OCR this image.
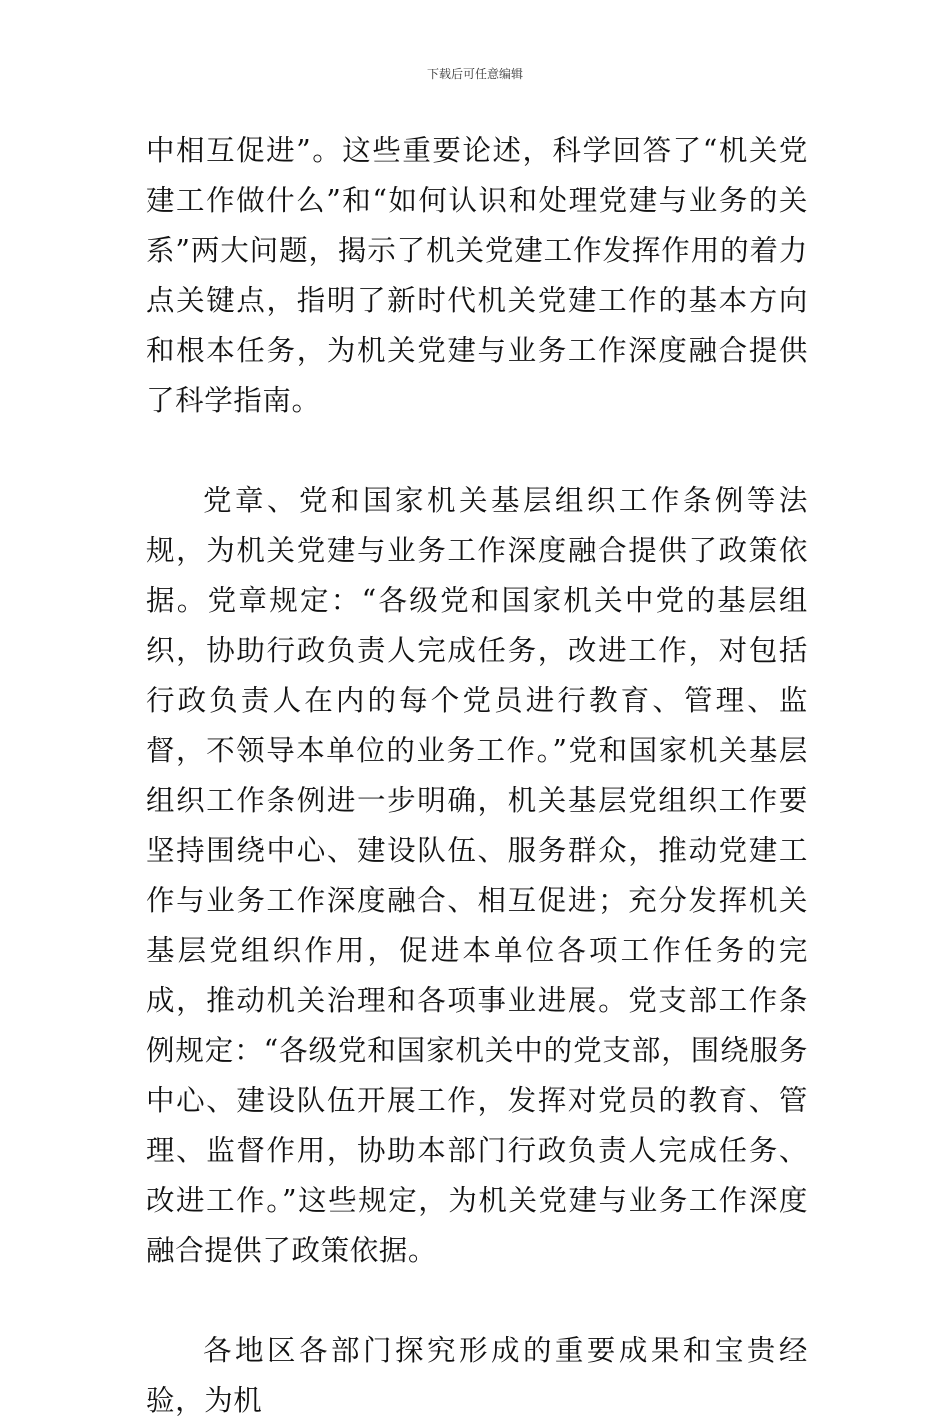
下载后可任意编辑

中相互促进”。这些重要论述，科学回答了“机关党建工作做什么”和“如何认识和处理党建与业务的关系”两大问题，揭示了机关党建工作发挥作用的着力点关键点，指明了新时代机关党建工作的基本方向和根本任务，为机关党建与业务工作深度融合提供了科学指南。

党章、党和国家机关基层组织工作条例等法规，为机关党建与业务工作深度融合提供了政策依据。党章规定：“各级党和国家机关中党的基层组织，协助行政负责人完成任务，改进工作，对包括行政负责人在内的每个党员进行教育、管理、监督，不领导本单位的业务工作。”党和国家机关基层组织工作条例进一步明确，机关基层党组织工作要坚持围绕中心、建设队伍、服务群众，推动党建工作与业务工作深度融合、相互促进；充分发挥机关基层党组织作用，促进本单位各项工作任务的完成，推动机关治理和各项事业进展。党支部工作条例规定：“各级党和国家机关中的党支部，围绕服务中心、建设队伍开展工作，发挥对党员的教育、管理、监督作用，协助本部门行政负责人完成任务、改进工作。”这些规定，为机关党建与业务工作深度融合提供了政策依据。

各地区各部门探究形成的重要成果和宝贵经验，为机
